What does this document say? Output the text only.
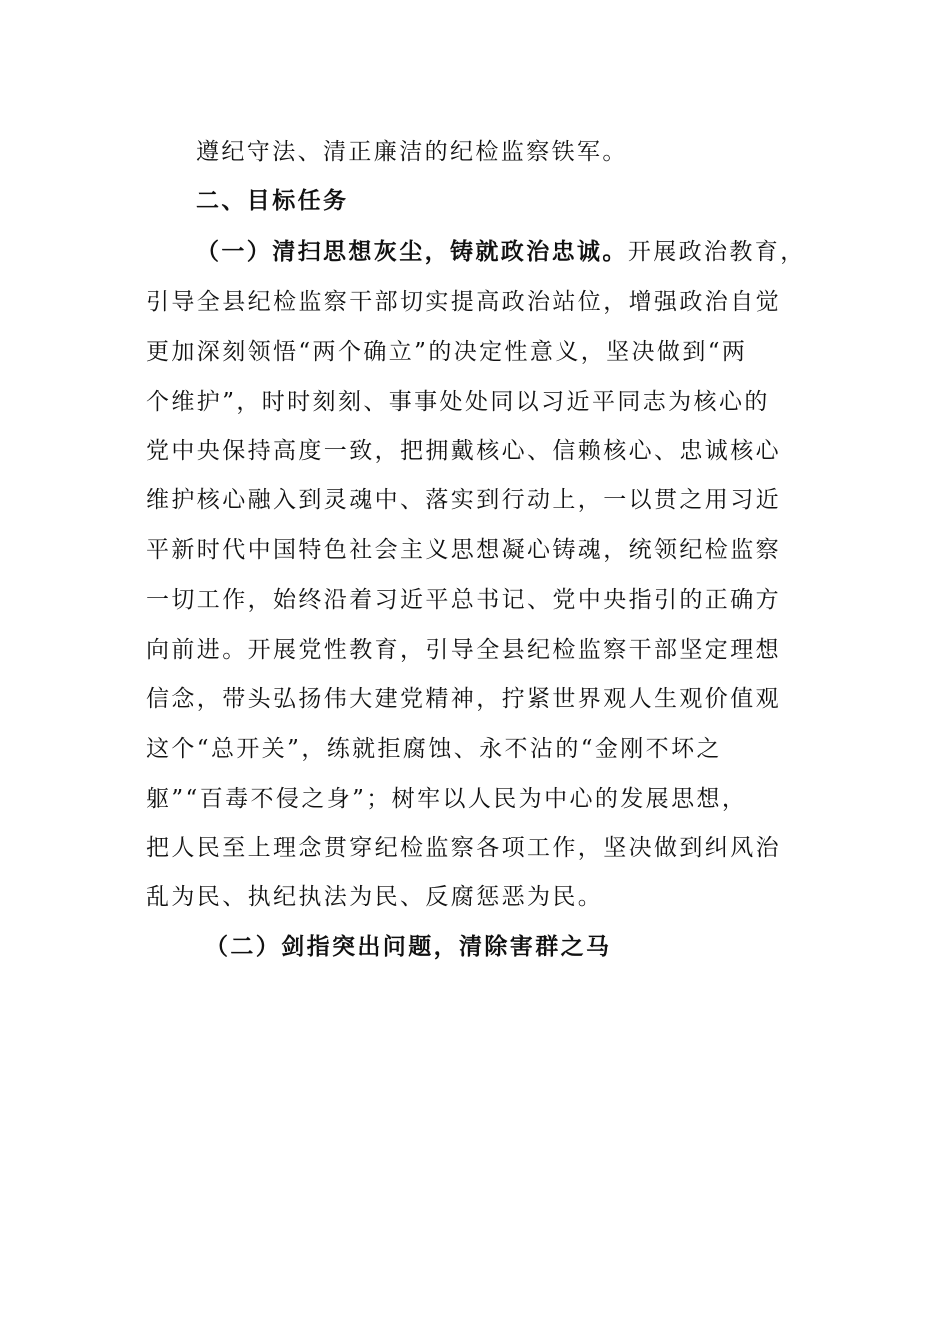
遵纪守法、清正廉洁的纪检监察铁军。
二、目标任务
（一）清扫思想灰尘，铸就政治忠诚。开展政治教育，
引导全县纪检监察干部切实提高政治站位，增强政治自觉
更加深刻领悟“两个确立”的决定性意义，坚决做到“两
个维护”，时时刻刻、事事处处同以习近平同志为核心的
党中央保持高度一致，把拥戴核心、信赖核心、忠诚核心
维护核心融入到灵魂中、落实到行动上，一以贯之用习近
平新时代中国特色社会主义思想凝心铸魂，统领纪检监察
一切工作，始终沿着习近平总书记、党中央指引的正确方
向前进。开展党性教育，引导全县纪检监察干部坚定理想
信念，带头弘扬伟大建党精神，拧紧世界观人生观价值观
这个“总开关”，练就拒腐蚀、永不沾的“金刚不坏之
躯”“百毒不侵之身”；树牢以人民为中心的发展思想，
把人民至上理念贯穿纪检监察各项工作，坚决做到纠风治
乱为民、执纪执法为民、反腐惩恶为民。
（二）剑指突出问题，清除害群之马
